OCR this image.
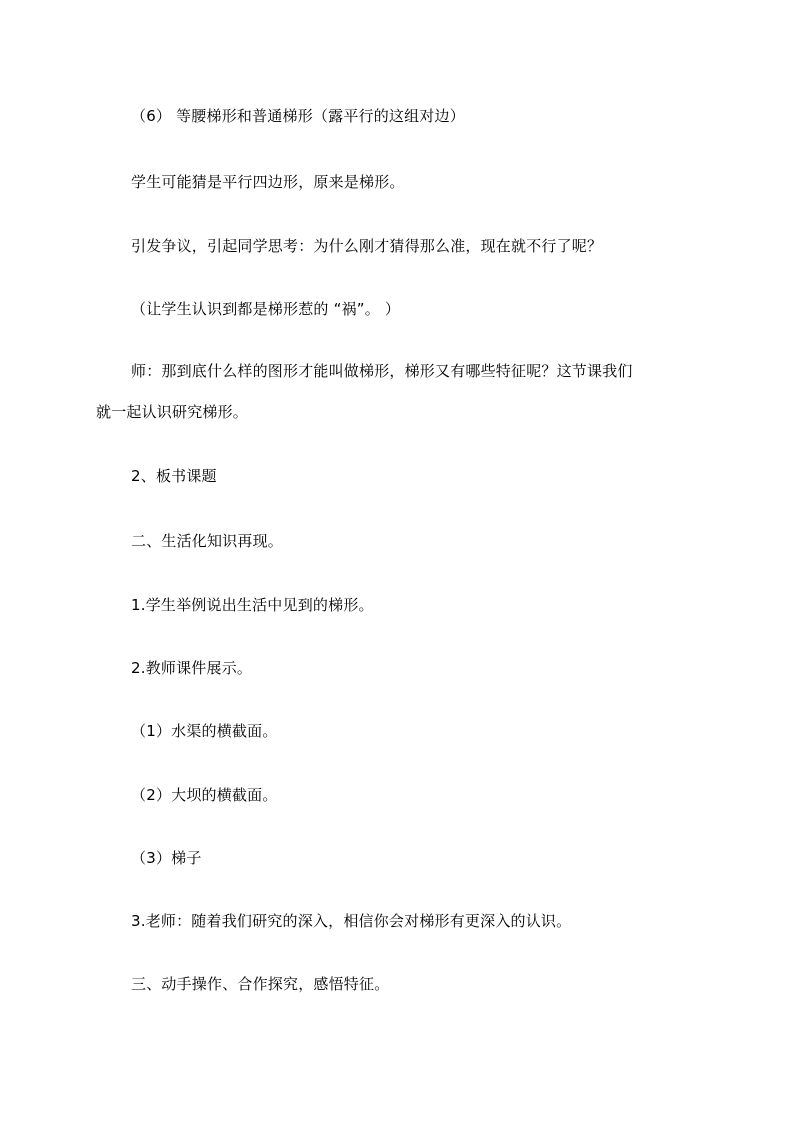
（6） 等腰梯形和普通梯形（露平行的这组对边）
学生可能猜是平行四边形，原来是梯形。
引发争议，引起同学思考：为什么刚才猜得那么准，现在就不行了呢？
（让学生认识到都是梯形惹的 “祸”。 ）
师：那到底什么样的图形才能叫做梯形，梯形又有哪些特征呢？这节课我们
就一起认识研究梯形。
2、板书课题
二、生活化知识再现。
1.学生举例说出生活中见到的梯形。
2.教师课件展示。
（1）水渠的横截面。
（2）大坝的横截面。
（3）梯子
3.老师：随着我们研究的深入，相信你会对梯形有更深入的认识。
三、动手操作、合作探究，感悟特征。
